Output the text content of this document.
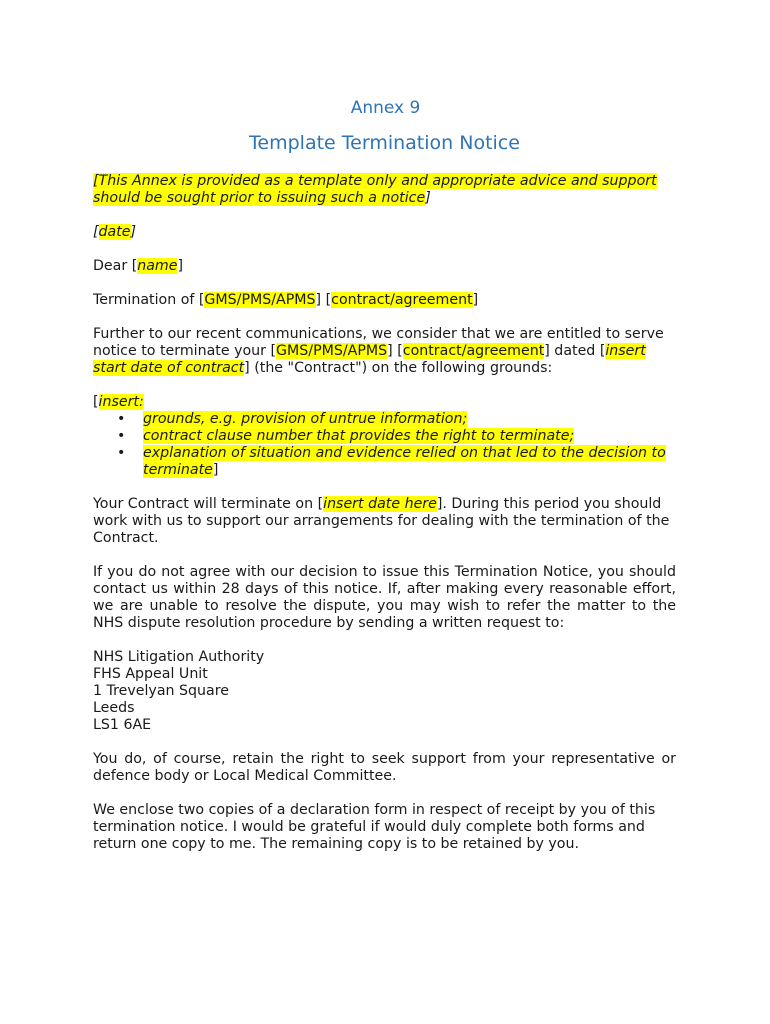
Annex 9
Template Termination Notice

[This Annex is provided as a template only and appropriate advice and support should be sought prior to issuing such a notice]

[date]

Dear [name]

Termination of [GMS/PMS/APMS] [contract/agreement]

Further to our recent communications, we consider that we are entitled to serve notice to terminate your [GMS/PMS/APMS] [contract/agreement] dated [insert start date of contract] (the "Contract") on the following grounds:

[insert:
• grounds, e.g. provision of untrue information;
• contract clause number that provides the right to terminate;
• explanation of situation and evidence relied on that led to the decision to terminate]

Your Contract will terminate on [insert date here]. During this period you should work with us to support our arrangements for dealing with the termination of the Contract.

If you do not agree with our decision to issue this Termination Notice, you should contact us within 28 days of this notice. If, after making every reasonable effort, we are unable to resolve the dispute, you may wish to refer the matter to the NHS dispute resolution procedure by sending a written request to:

NHS Litigation Authority
FHS Appeal Unit
1 Trevelyan Square
Leeds
LS1 6AE

You do, of course, retain the right to seek support from your representative or defence body or Local Medical Committee.

We enclose two copies of a declaration form in respect of receipt by you of this termination notice. I would be grateful if would duly complete both forms and return one copy to me. The remaining copy is to be retained by you.
